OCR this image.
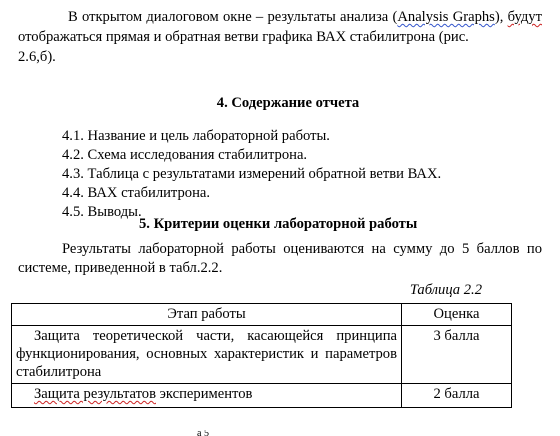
В открытом диалоговом окне – результаты анализа (Analysis Graphs), будут отображаться прямая и обратная ветви графика ВАХ стабилитрона (рис.
2.6,б).
4. Содержание отчета
4.1. Название и цель лабораторной работы.
4.2. Схема исследования стабилитрона.
4.3. Таблица с результатами измерений обратной ветви ВАХ.
4.4. ВАХ стабилитрона.
4.5. Выводы.
5. Критерии оценки лабораторной работы
Результаты лабораторной работы оцениваются на сумму до 5 баллов по системе, приведенной в табл.2.2.
Таблица 2.2
Этап работы	Оценка
Защита теоретической части, касающейся принципа функционирования, основных характеристик и параметров стабилитрона	3 балла
Защита результатов экспериментов	2 балла
а 5
